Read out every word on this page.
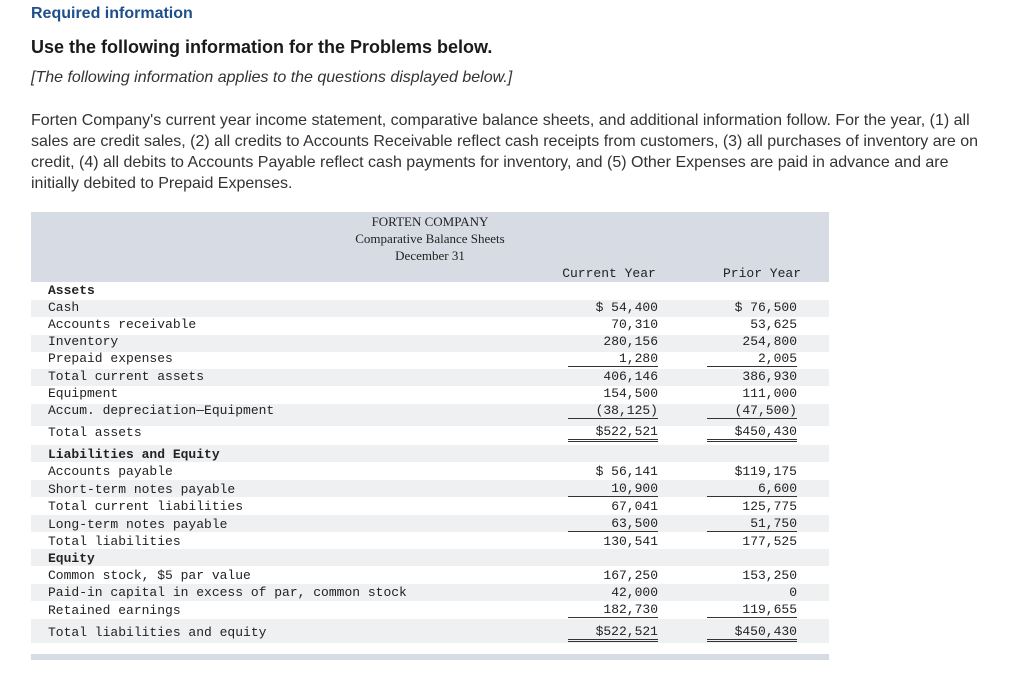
Required information
Use the following information for the Problems below.
[The following information applies to the questions displayed below.]
Forten Company's current year income statement, comparative balance sheets, and additional information follow. For the year, (1) all sales are credit sales, (2) all credits to Accounts Receivable reflect cash receipts from customers, (3) all purchases of inventory are on credit, (4) all debits to Accounts Payable reflect cash payments for inventory, and (5) Other Expenses are paid in advance and are initially debited to Prepaid Expenses.
FORTEN COMPANY
Comparative Balance Sheets
December 31
Current Year	Prior Year
Assets
Cash	$ 54,400	$ 76,500
Accounts receivable	70,310	53,625
Inventory	280,156	254,800
Prepaid expenses	1,280	2,005
Total current assets	406,146	386,930
Equipment	154,500	111,000
Accum. depreciation—Equipment	(38,125)	(47,500)
Total assets	$522,521	$450,430
Liabilities and Equity
Accounts payable	$ 56,141	$119,175
Short-term notes payable	10,900	6,600
Total current liabilities	67,041	125,775
Long-term notes payable	63,500	51,750
Total liabilities	130,541	177,525
Equity
Common stock, $5 par value	167,250	153,250
Paid-in capital in excess of par, common stock	42,000	0
Retained earnings	182,730	119,655
Total liabilities and equity	$522,521	$450,430
